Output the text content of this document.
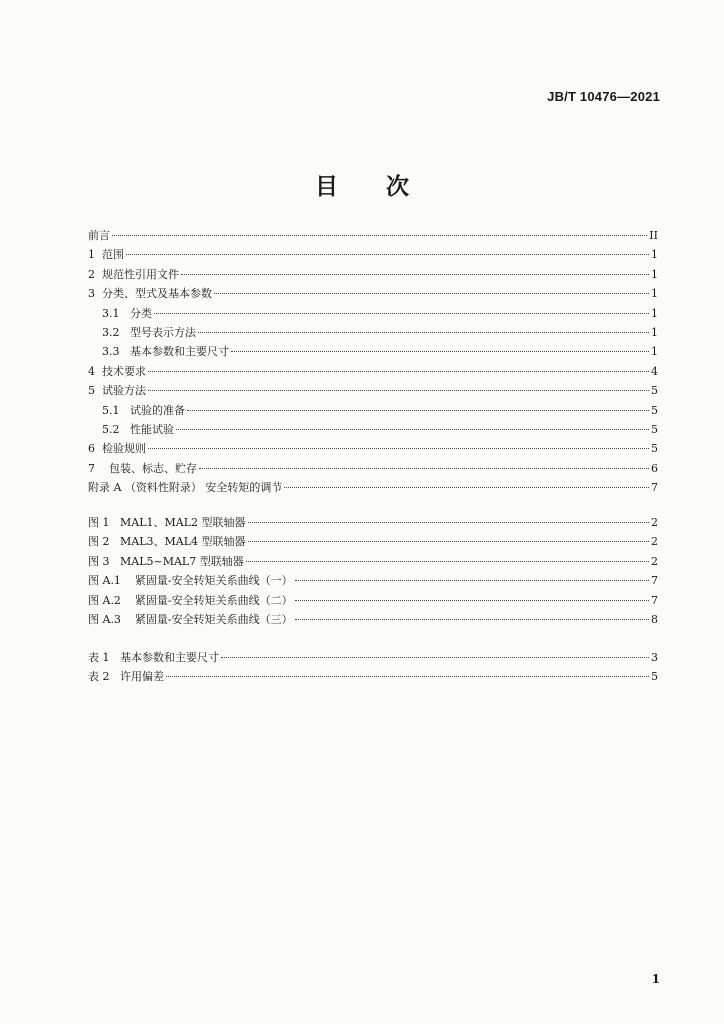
JB/T 10476—2021
目 次
前言	II
1 范围	1
2 规范性引用文件	1
3 分类、型式及基本参数	1
3.1 分类	1
3.2 型号表示方法	1
3.3 基本参数和主要尺寸	1
4 技术要求	4
5 试验方法	5
5.1 试验的准备	5
5.2 性能试验	5
6 检验规则	5
7 包装、标志、贮存	6
附录 A （资料性附录） 安全转矩的调节	7
图 1 MAL1、MAL2 型联轴器	2
图 2 MAL3、MAL4 型联轴器	2
图 3 MAL5~MAL7 型联轴器	2
图 A.1 紧固量-安全转矩关系曲线（一）	7
图 A.2 紧固量-安全转矩关系曲线（二）	7
图 A.3 紧固量-安全转矩关系曲线（三）	8
表 1 基本参数和主要尺寸	3
表 2 许用偏差	5
1
